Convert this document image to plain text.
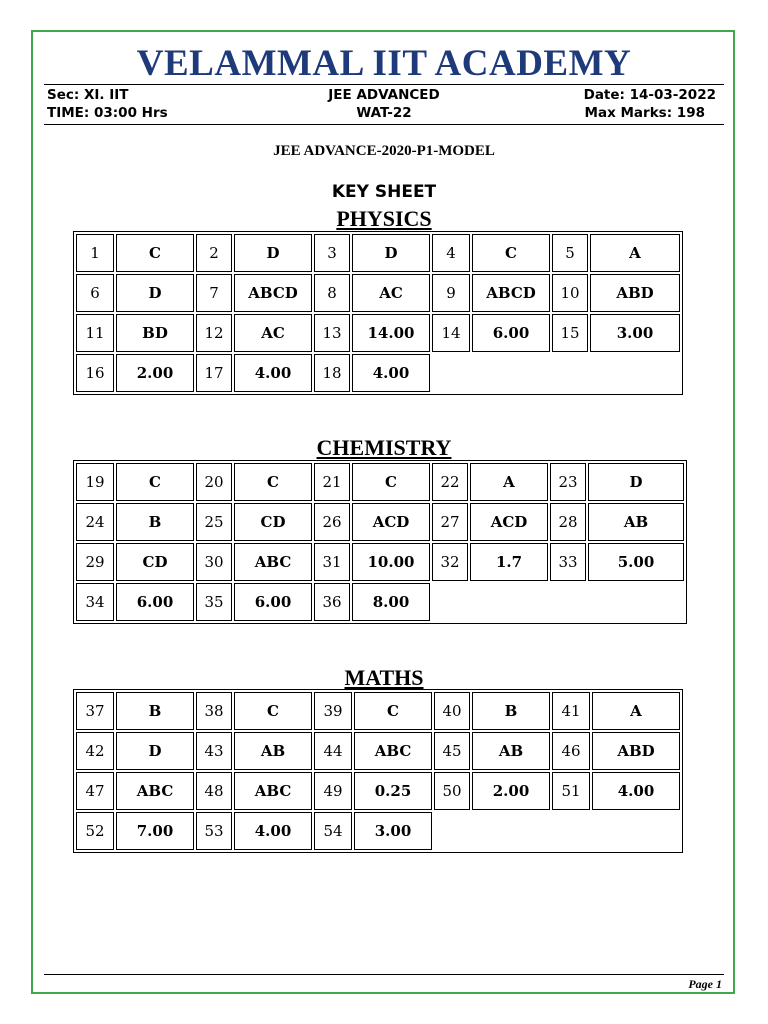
VELAMMAL IIT ACADEMY
Sec: XI. IIT
TIME: 03:00 Hrs
JEE ADVANCED
WAT-22
Date: 14-03-2022
Max Marks: 198
JEE ADVANCE-2020-P1-MODEL
KEY SHEET
PHYSICS
1	C	2	D	3	D	4	C	5	A
6	D	7	ABCD	8	AC	9	ABCD	10	ABD
11	BD	12	AC	13	14.00	14	6.00	15	3.00
16	2.00	17	4.00	18	4.00				
CHEMISTRY
19	C	20	C	21	C	22	A	23	D
24	B	25	CD	26	ACD	27	ACD	28	AB
29	CD	30	ABC	31	10.00	32	1.7	33	5.00
34	6.00	35	6.00	36	8.00				
MATHS
37	B	38	C	39	C	40	B	41	A
42	D	43	AB	44	ABC	45	AB	46	ABD
47	ABC	48	ABC	49	0.25	50	2.00	51	4.00
52	7.00	53	4.00	54	3.00				
Page 1
